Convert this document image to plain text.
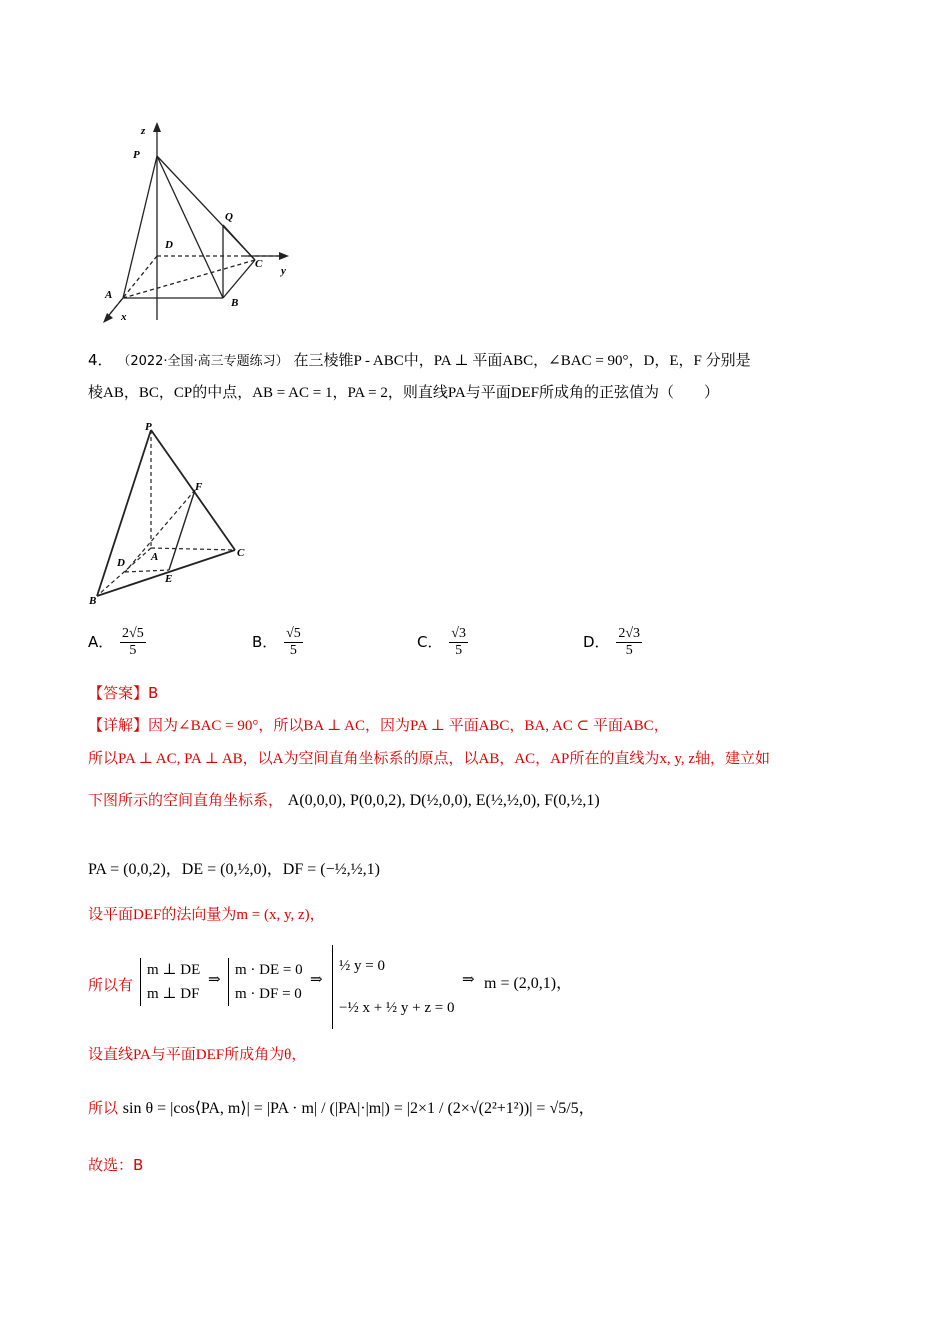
z
P
Q
D
C
y
A
B
x
4． （2022·全国·高三专题练习） 在三棱锥P - ABC中，PA ⊥ 平面ABC，∠BAC = 90°，D，E，F 分别是
棱AB，BC，CP的中点，AB = AC = 1，PA = 2，则直线PA与平面DEF所成角的正弦值为（　　）
P
F
D A	C
E
B
A． $\frac{2√5}{5}$	B． $\frac{√5}{5}$	C． $\frac{√3}{5}$	D． $\frac{2√3}{5}$
【答案】B
【详解】因为∠BAC = 90°，所以BA ⊥ AC，因为PA ⊥ 平面ABC，BA, AC ⊂ 平面ABC，
所以PA ⊥ AC, PA ⊥ AB，以A为空间直角坐标系的原点，以AB，AC，AP所在的直线为x, y, z轴，建立如
下图所示的空间直角坐标系， A(0,0,0), P(0,0,2), D(½,0,0), E(½,½,0), F(0,½,1)
PA = (0,0,2)，DE = (0,½,0)，DF = (−½,½,1)
设平面DEF的法向量为m = (x, y, z)，
所以有
m ⊥ DE
m ⊥ DF
⇒
m · DE = 0
m · DF = 0
⇒
½ y = 0
−½ x + ½ y + z = 0
⇒ m = (2,0,1)，
设直线PA与平面DEF所成角为θ，
所以 sin θ = |cos⟨PA, m⟩| = |PA · m| / (|PA|·|m|) = |2×1 / (2×√(2²+1²))| = √5/5，
故选：B
